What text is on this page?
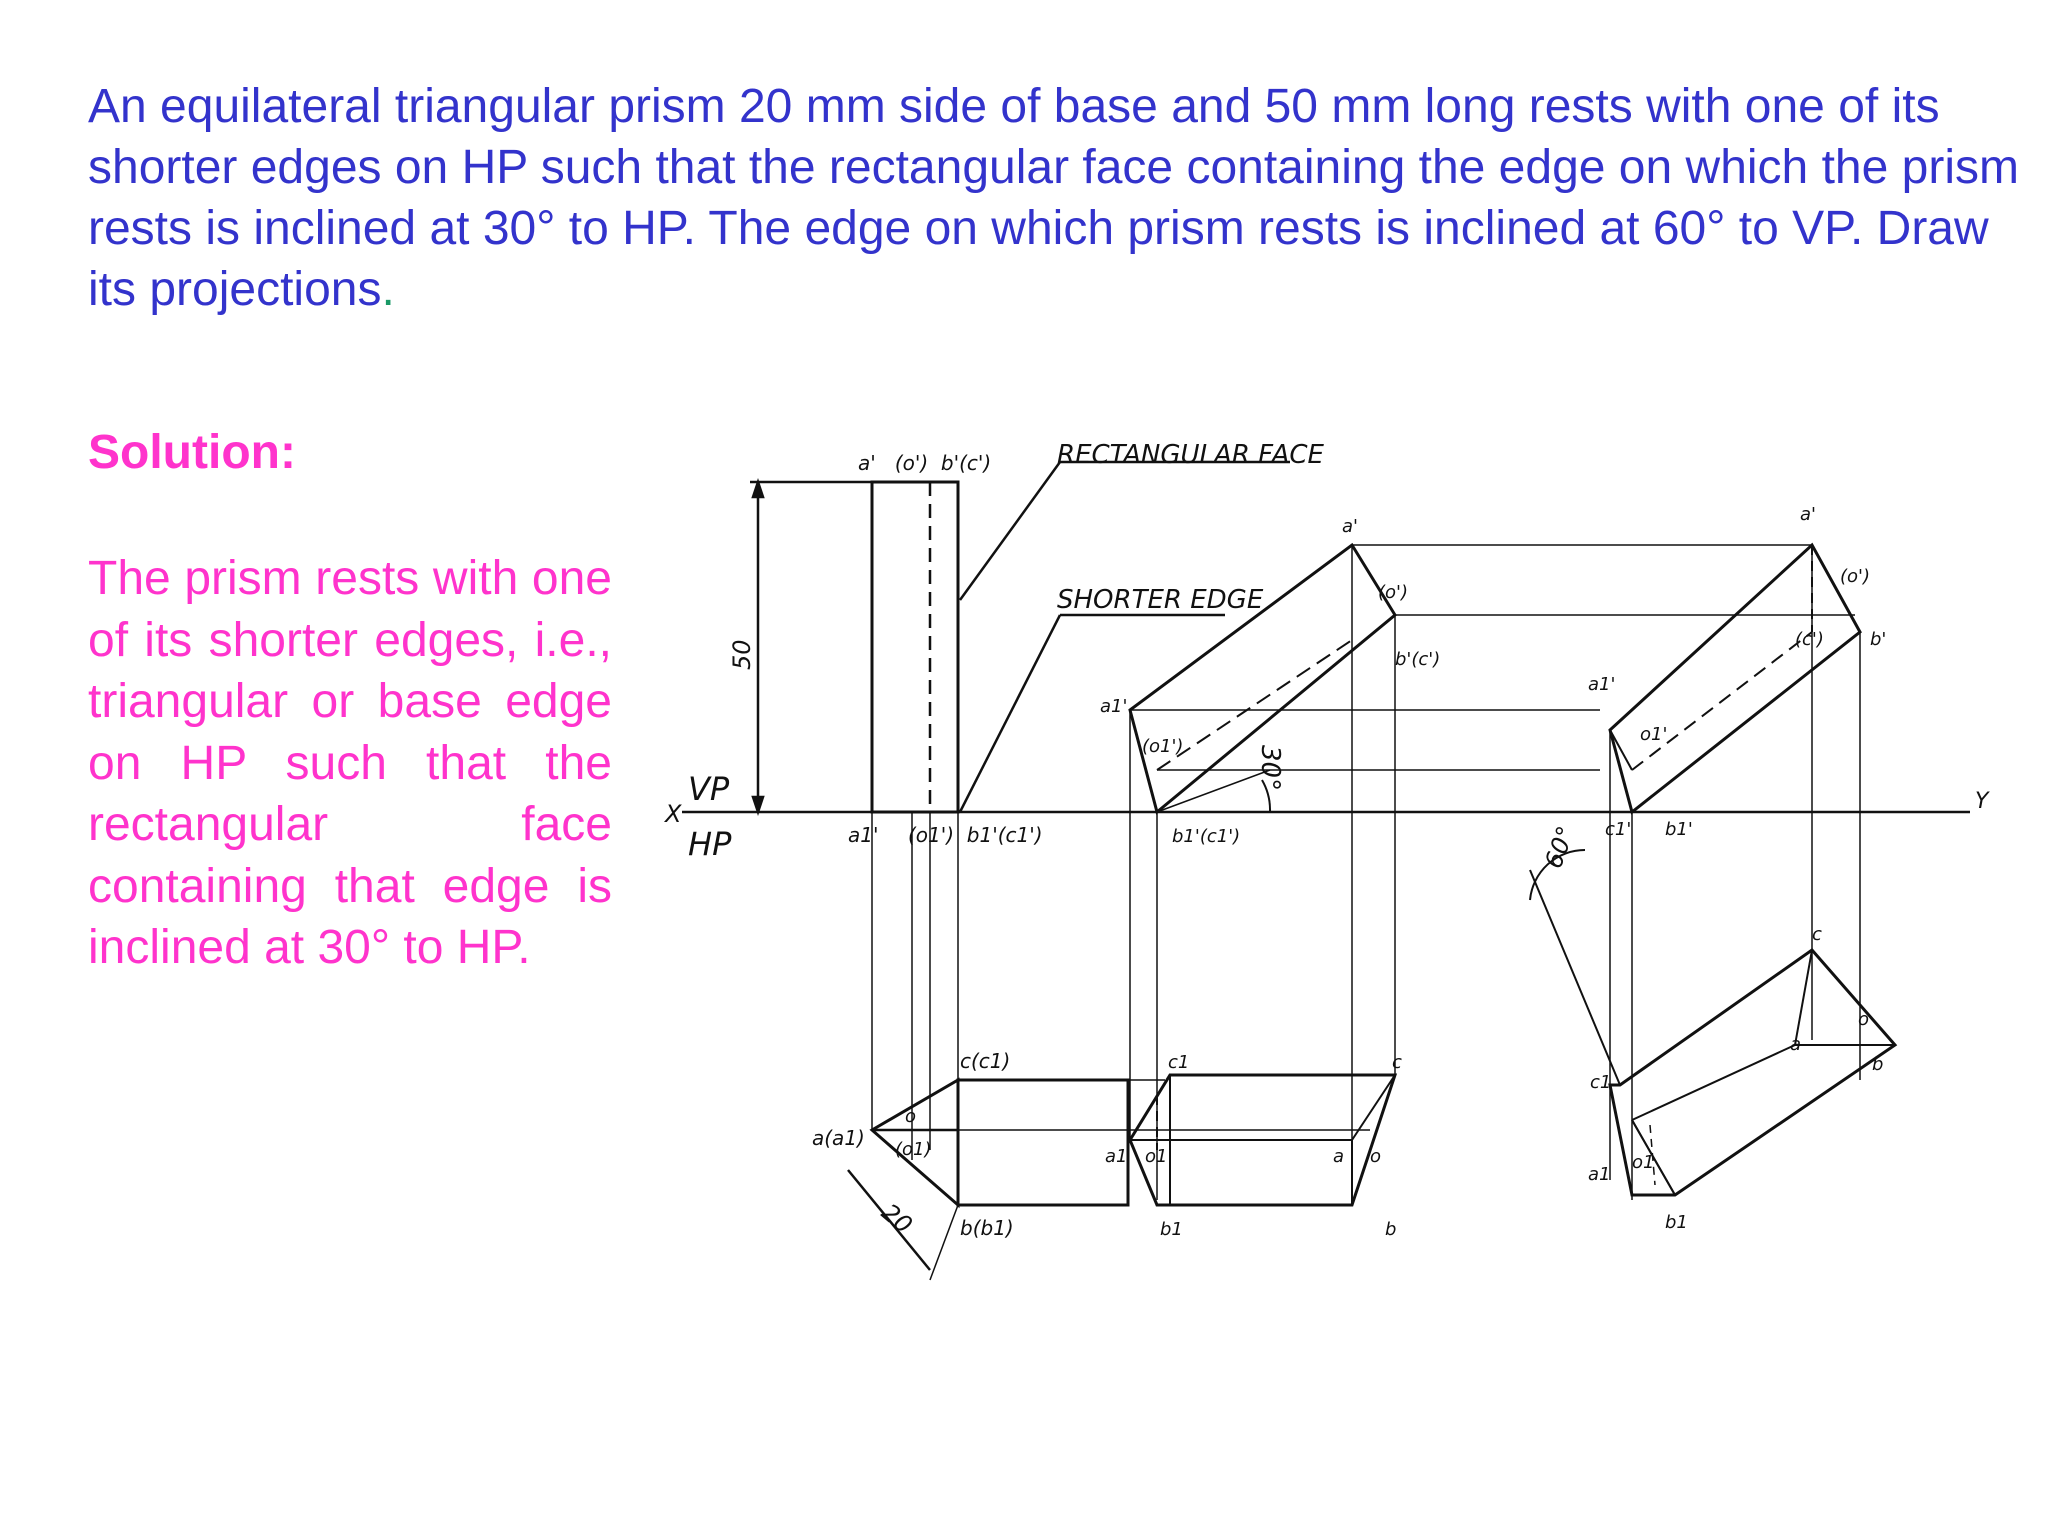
An equilateral triangular prism 20 mm side of base and 50 mm long rests with one of its shorter edges on HP such that the rectangular face containing the edge on which the prism rests is inclined at 30° to HP. The edge on which prism rests is inclined at 60° to VP. Draw its projections.

Solution:

The prism rests with one of its shorter edges, i.e., triangular or base edge on HP such that the rectangular face containing that edge is inclined at 30° to HP.

RECTANGULAR FACE
SHORTER EDGE
X	Y
VP
HP
50
20
30°
60°
a'   (o')  b'(c')
a1' (o1')  b1'(c1')
c(c1)
a(a1)
o
(o1)
b(b1)
a'
(o')
b'(c')
a1'
(o1')
b1'(c1')
c1	c
a1 o1	a o
b1	b
a'
(o')
b'
(c')
a1'
o1'
c1' b1'
c
o
a
b
c1
a1
o1
b1
